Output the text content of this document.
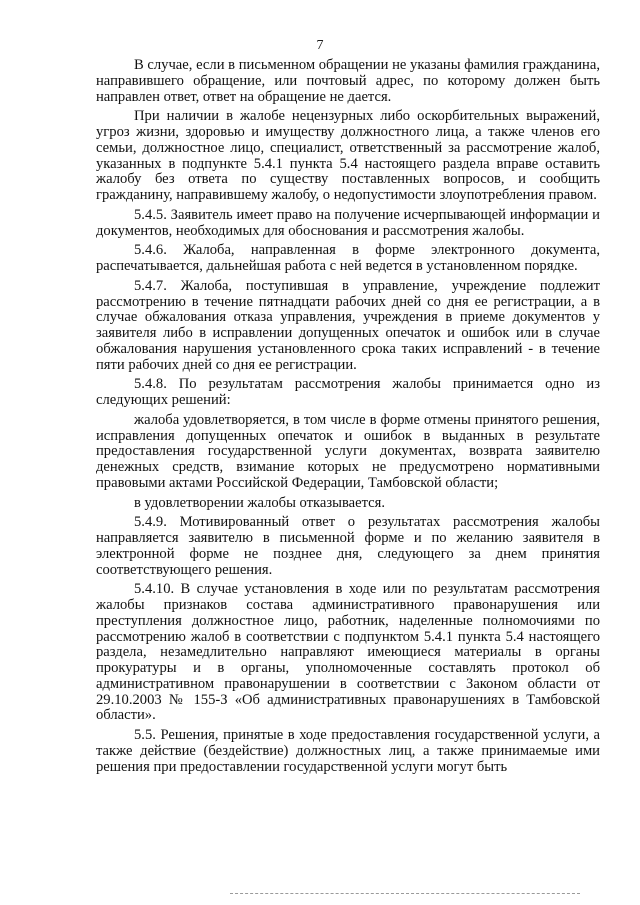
7

В случае, если в письменном обращении не указаны фамилия гражданина, направившего обращение, или почтовый адрес, по которому должен быть направлен ответ, ответ на обращение не дается.

При наличии в жалобе нецензурных либо оскорбительных выражений, угроз жизни, здоровью и имуществу должностного лица, а также членов его семьи, должностное лицо, специалист, ответственный за рассмотрение жалоб, указанных в подпункте 5.4.1 пункта 5.4 настоящего раздела вправе оставить жалобу без ответа по существу поставленных вопросов, и сообщить гражданину, направившему жалобу, о недопустимости злоупотребления правом.

5.4.5. Заявитель имеет право на получение исчерпывающей информации и документов, необходимых для обоснования и рассмотрения жалобы.

5.4.6. Жалоба, направленная в форме электронного документа, распечатывается, дальнейшая работа с ней ведется в установленном порядке.

5.4.7. Жалоба, поступившая в управление, учреждение подлежит рассмотрению в течение пятнадцати рабочих дней со дня ее регистрации, а в случае обжалования отказа управления, учреждения в приеме документов у заявителя либо в исправлении допущенных опечаток и ошибок или в случае обжалования нарушения установленного срока таких исправлений - в течение пяти рабочих дней со дня ее регистрации.

5.4.8. По результатам рассмотрения жалобы принимается одно из следующих решений:

жалоба удовлетворяется, в том числе в форме отмены принятого решения, исправления допущенных опечаток и ошибок в выданных в результате предоставления государственной услуги документах, возврата заявителю денежных средств, взимание которых не предусмотрено нормативными правовыми актами Российской Федерации, Тамбовской области;

в удовлетворении жалобы отказывается.

5.4.9. Мотивированный ответ о результатах рассмотрения жалобы направляется заявителю в письменной форме и по желанию заявителя в электронной форме не позднее дня, следующего за днем принятия соответствующего решения.

5.4.10. В случае установления в ходе или по результатам рассмотрения жалобы признаков состава административного правонарушения или преступления должностное лицо, работник, наделенные полномочиями по рассмотрению жалоб в соответствии с подпунктом 5.4.1 пункта 5.4 настоящего раздела, незамедлительно направляют имеющиеся материалы в органы прокуратуры и в органы, уполномоченные составлять протокол об административном правонарушении в соответствии с Законом области от 29.10.2003 № 155-З «Об административных правонарушениях в Тамбовской области».

5.5. Решения, принятые в ходе предоставления государственной услуги, а также действие (бездействие) должностных лиц, а также принимаемые ими решения при предоставлении государственной услуги могут быть
